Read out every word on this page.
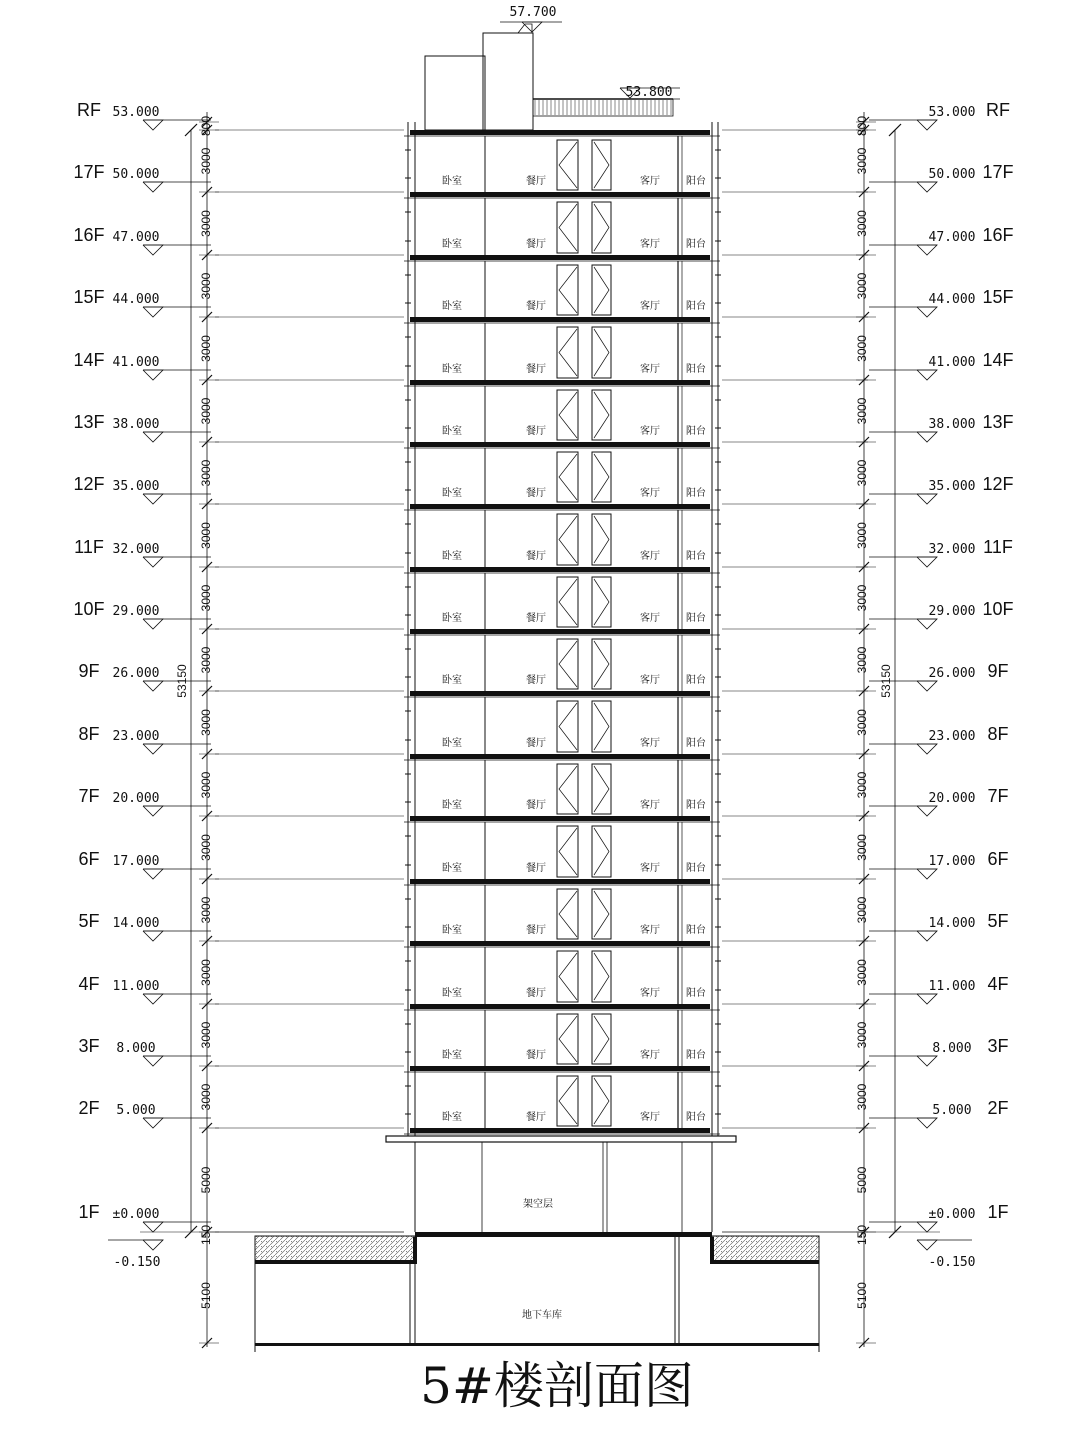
卧室	餐厅	客厅	阳台
卧室	餐厅	客厅	阳台
卧室	餐厅	客厅	阳台
卧室	餐厅	客厅	阳台
卧室	餐厅	客厅	阳台
卧室	餐厅	客厅	阳台
卧室	餐厅	客厅	阳台
卧室	餐厅	客厅	阳台
卧室	餐厅	客厅	阳台
卧室	餐厅	客厅	阳台
卧室	餐厅	客厅	阳台
卧室	餐厅	客厅	阳台
卧室	餐厅	客厅	阳台
卧室	餐厅	客厅	阳台
卧室	餐厅	客厅	阳台
卧室	餐厅	客厅	阳台
架空层
地下车库
800
3000
3000
3000
3000
3000
3000
3000
3000
3000
3000
3000
3000
3000
3000
3000
3000
5000
150
5100
800
3000
3000
3000
3000
3000
3000
3000
3000
3000
3000
3000
3000
3000
3000
3000
3000
5000
150
5100
53150	53150
53.000	53.000
RF	RF
50.000	50.000
17F	17F
47.000	47.000
16F	16F
44.000	44.000
15F	15F
41.000	41.000
14F	14F
38.000	38.000
13F	13F
35.000	35.000
12F	12F
32.000	32.000
11F	11F
29.000	29.000
10F	10F
26.000	26.000
9F	9F
23.000	23.000
8F	8F
20.000	20.000
7F	7F
17.000	17.000
6F	6F
14.000	14.000
5F	5F
11.000	11.000
4F	4F
8.000	8.000
3F	3F
5.000	5.000
2F	2F
±0.000	±0.000
1F	1F
-0.150	-0.150
57.700
53.800
5#楼剖面图
